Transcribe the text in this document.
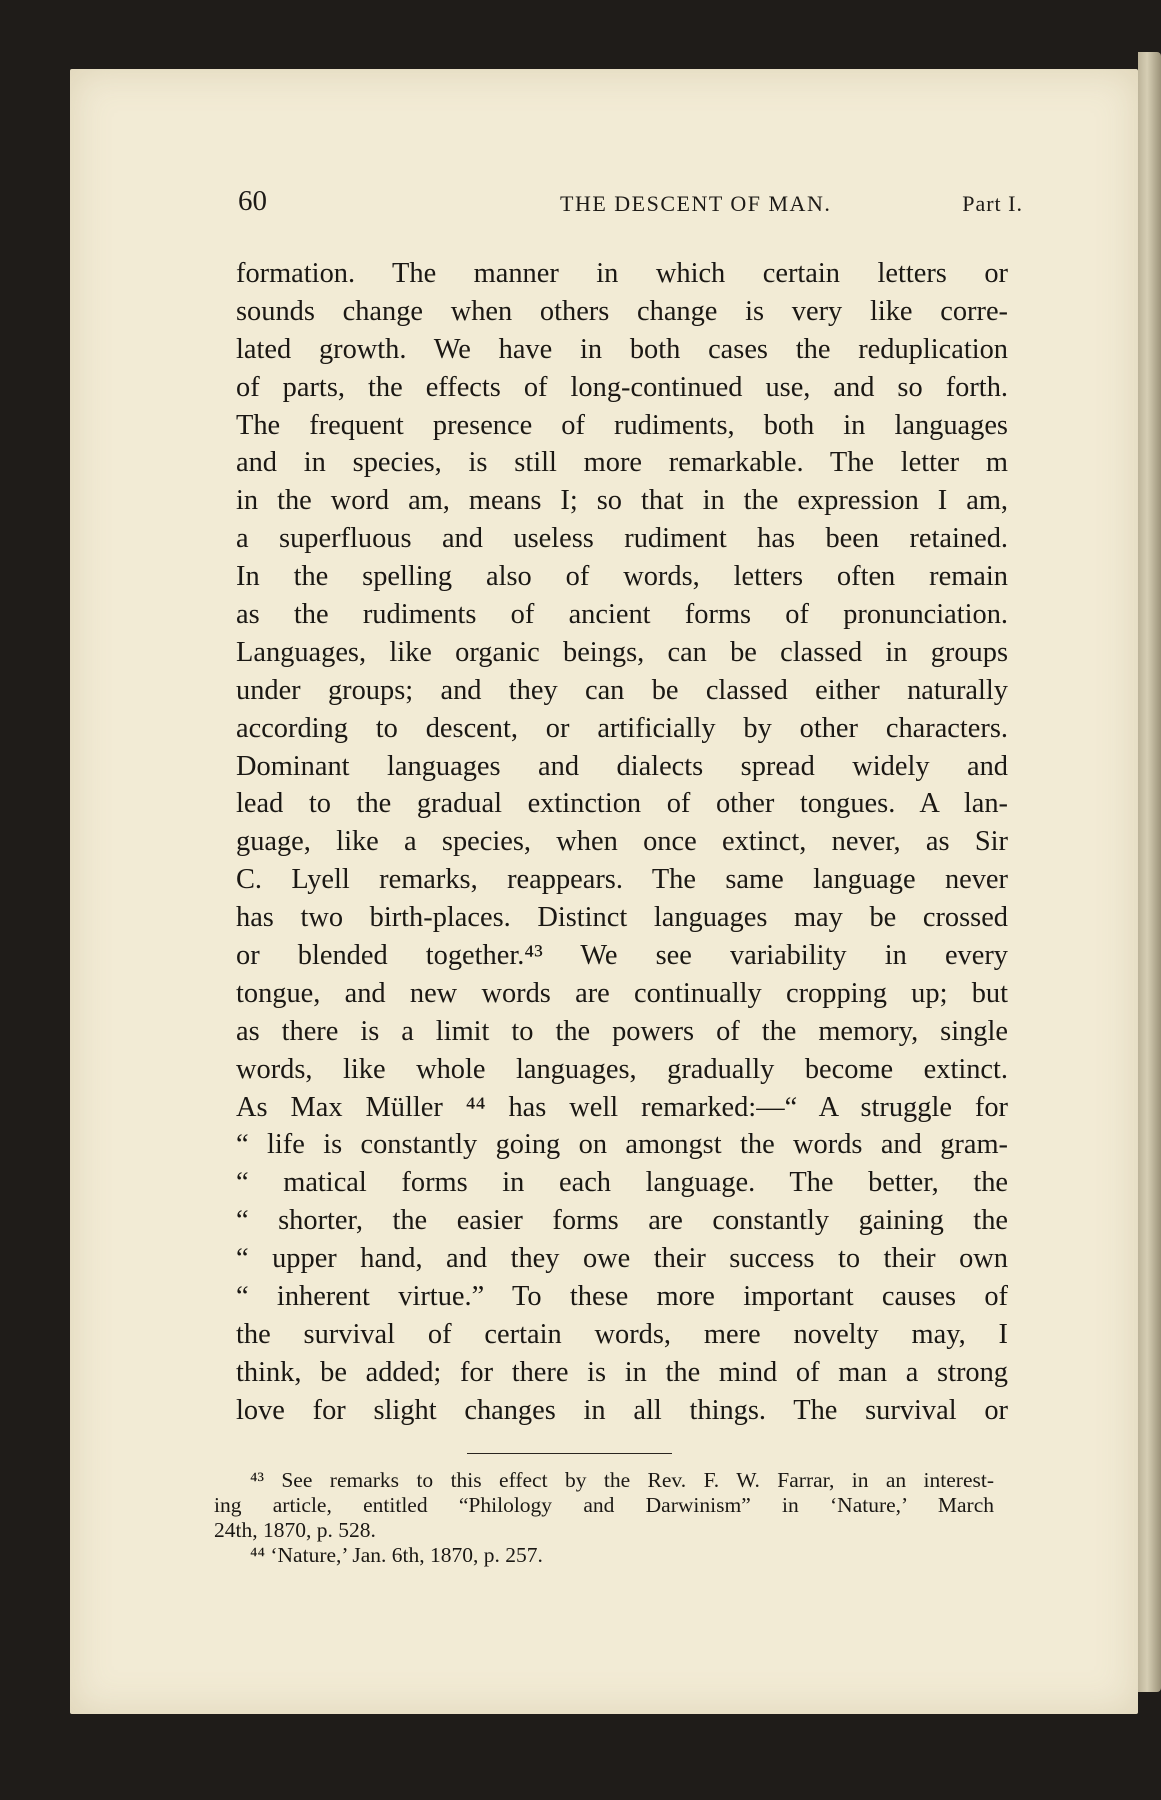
60	THE DESCENT OF MAN.	Part I.
formation. The manner in which certain letters or
sounds change when others change is very like corre-
lated growth. We have in both cases the reduplication
of parts, the effects of long-continued use, and so forth.
The frequent presence of rudiments, both in languages
and in species, is still more remarkable. The letter m
in the word am, means I; so that in the expression I am,
a superfluous and useless rudiment has been retained.
In the spelling also of words, letters often remain
as the rudiments of ancient forms of pronunciation.
Languages, like organic beings, can be classed in groups
under groups; and they can be classed either naturally
according to descent, or artificially by other characters.
Dominant languages and dialects spread widely and
lead to the gradual extinction of other tongues. A lan-
guage, like a species, when once extinct, never, as Sir
C. Lyell remarks, reappears. The same language never
has two birth-places. Distinct languages may be crossed
or blended together.⁴³ We see variability in every
tongue, and new words are continually cropping up; but
as there is a limit to the powers of the memory, single
words, like whole languages, gradually become extinct.
As Max Müller ⁴⁴ has well remarked:—“ A struggle for
“ life is constantly going on amongst the words and gram-
“ matical forms in each language. The better, the
“ shorter, the easier forms are constantly gaining the
“ upper hand, and they owe their success to their own
“ inherent virtue.” To these more important causes of
the survival of certain words, mere novelty may, I
think, be added; for there is in the mind of man a strong
love for slight changes in all things. The survival or
⁴³ See remarks to this effect by the Rev. F. W. Farrar, in an interest-
ing article, entitled “Philology and Darwinism” in ‘Nature,’ March
24th, 1870, p. 528.
⁴⁴ ‘Nature,’ Jan. 6th, 1870, p. 257.
